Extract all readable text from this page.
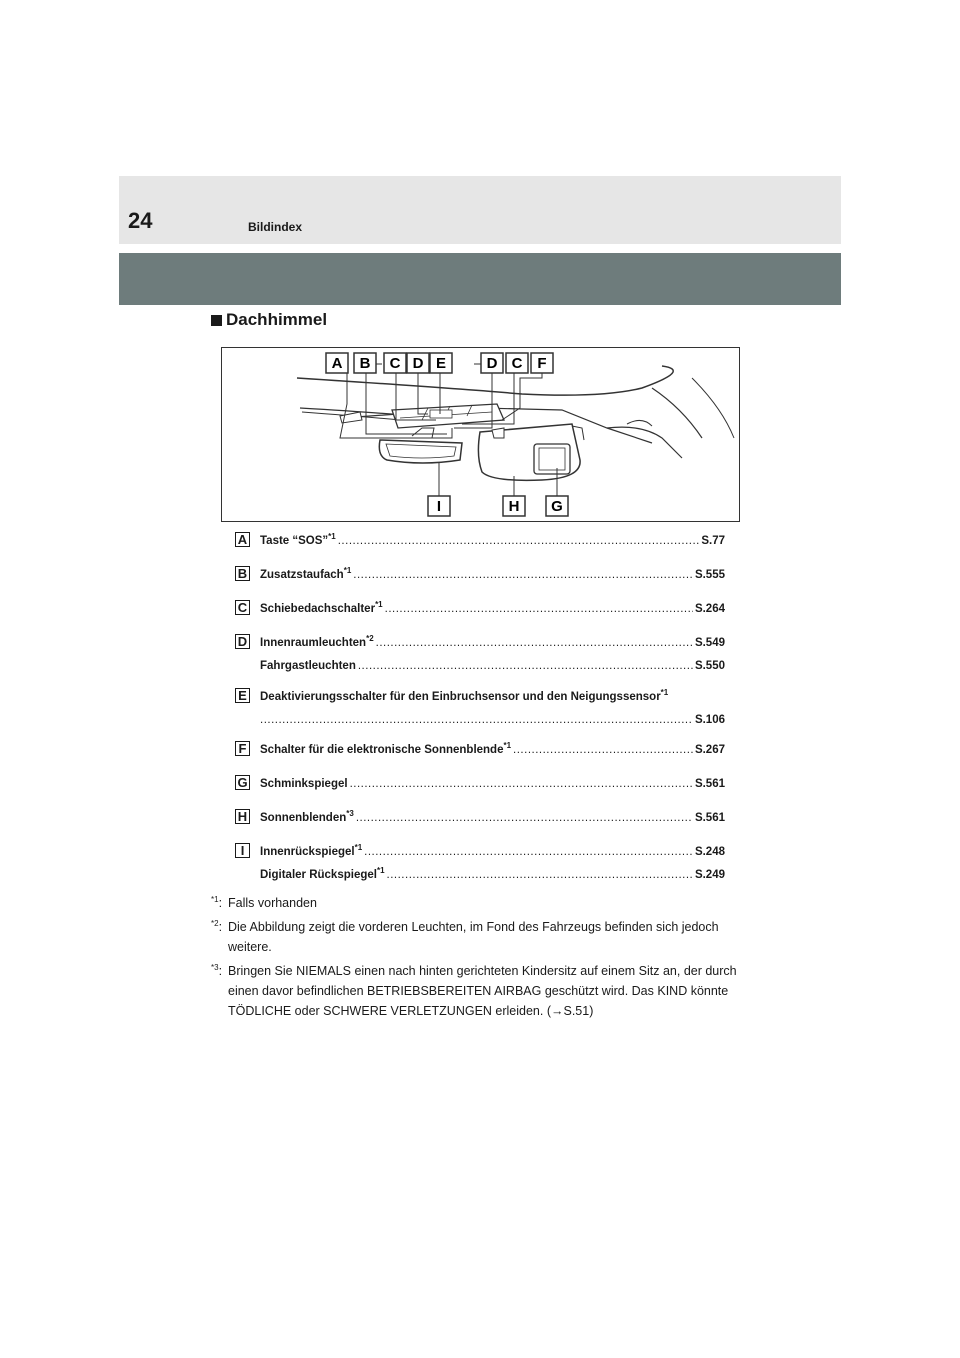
24	Bildindex
Dachhimmel
A B C D E	D C F
I	H G
A Taste “SOS”$^{*1}$ .....	S.77
B Zusatzstaufach$^{*1}$ .....	S.555
C Schiebedachschalter$^{*1}$ .....	S.264
D Innenraumleuchten$^{*2}$ .....	S.549
Fahrgastleuchten .....	S.550
E Deaktivierungsschalter für den Einbruchsensor und den Neigungssensor$^{*1}$
.....
S.106
F	Schalter für die elektronische Sonnenblende$^{*1}$ .....	S.267
G Schminkspiegel .....	S.561
H Sonnenblenden$^{*3}$ .....	S.561
I	Innenrückspiegel$^{*1}$ .....	S.248
Digitaler Rückspiegel$^{*1}$ .....	S.249
$^{*1}$: Falls vorhanden
$^{*2}$: Die Abbildung zeigt die vorderen Leuchten, im Fond des Fahrzeugs befinden sich jedoch weitere.
$^{*3}$: Bringen Sie NIEMALS einen nach hinten gerichteten Kindersitz auf einem Sitz an, der durch einen davor befindlichen BETRIEBSBEREITEN AIRBAG geschützt wird. Das KIND könnte TÖDLICHE oder SCHWERE VERLETZUNGEN erleiden. (→S.51)
